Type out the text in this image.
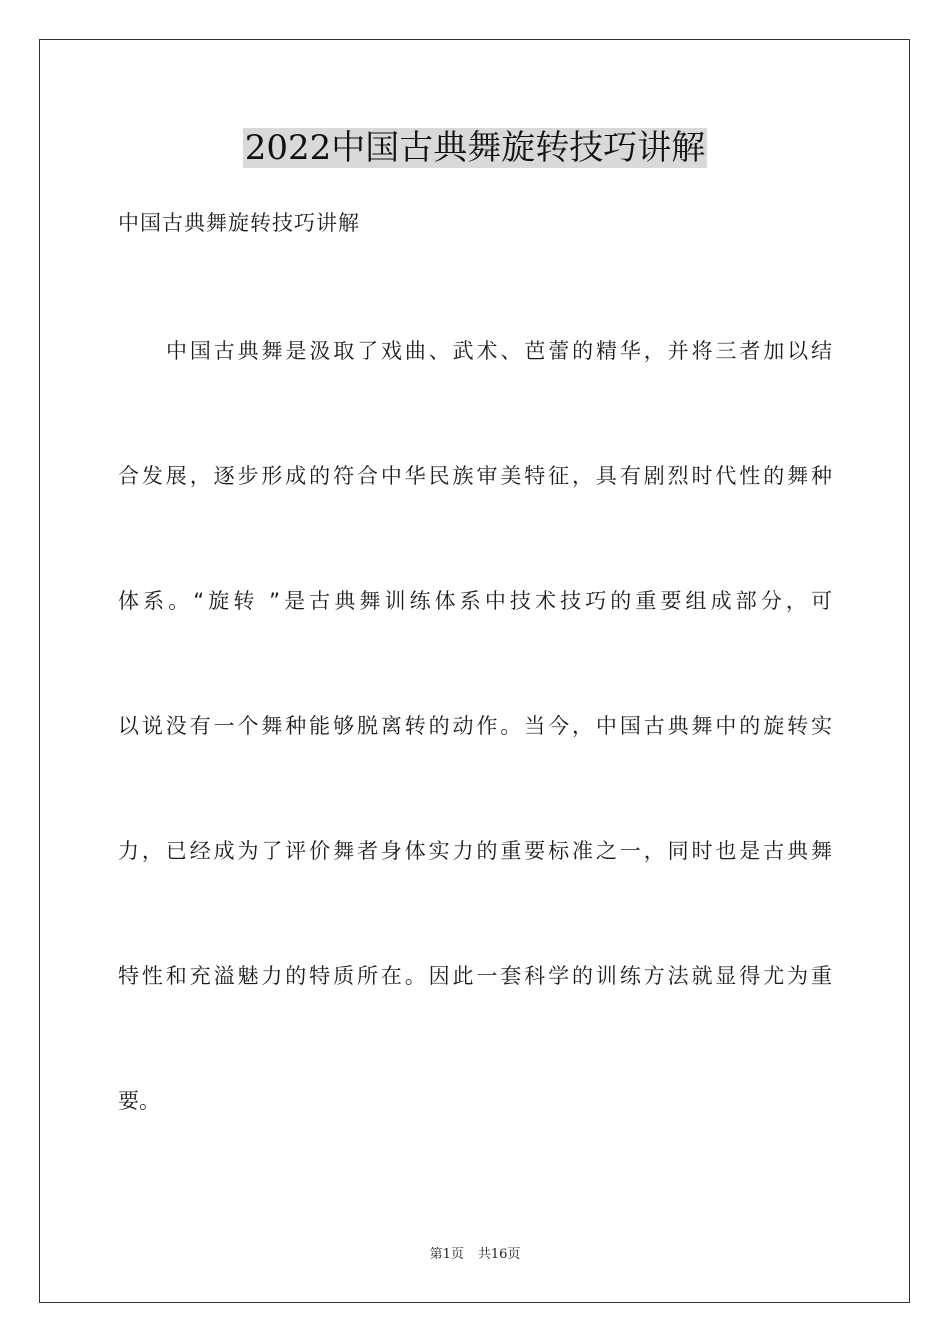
2022中国古典舞旋转技巧讲解
中国古典舞旋转技巧讲解
中国古典舞是汲取了戏曲、武术、芭蕾的精华，并将三者加以结
合发展，逐步形成的符合中华民族审美特征，具有剧烈时代性的舞种
体系。“旋转 ”是古典舞训练体系中技术技巧的重要组成部分，可
以说没有一个舞种能够脱离转的动作。当今，中国古典舞中的旋转实
力，已经成为了评价舞者身体实力的重要标准之一，同时也是古典舞
特性和充溢魅力的特质所在。因此一套科学的训练方法就显得尤为重
要。
第1页 共16页
